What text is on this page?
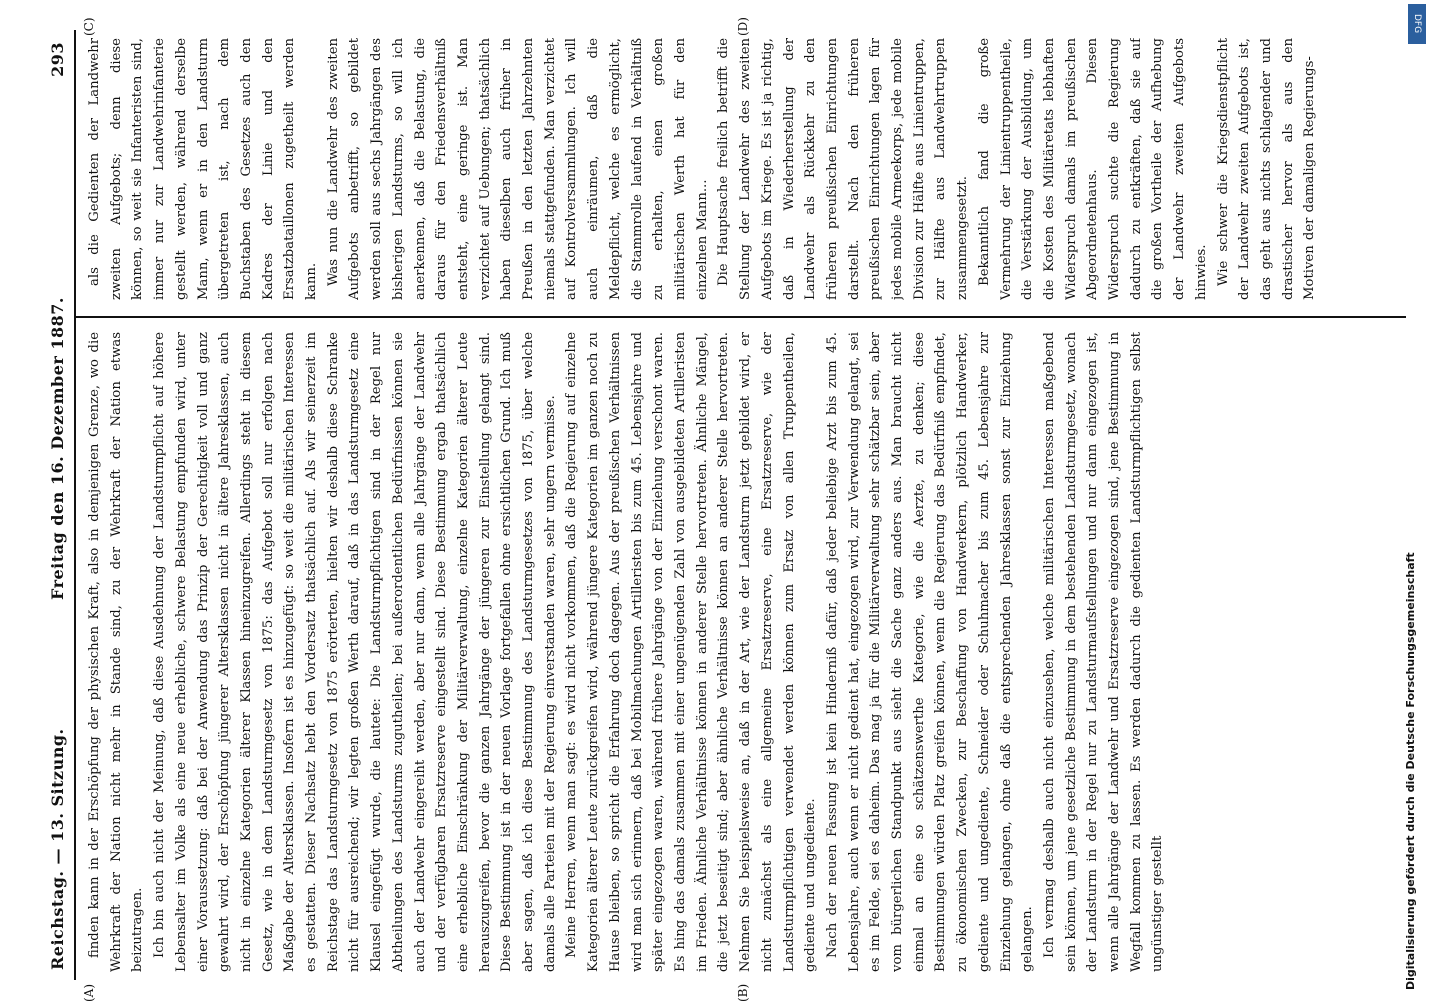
Reichstag. — 13. Sitzung.
Freitag den 16. Dezember 1887.
293
(A)	(B)
(C)	(D)

finden kann in der Erschöpfung der physischen Kraft, also in demjenigen Grenze, wo die Wehrkraft der Nation nicht mehr in Stande sind, zu der Wehrkraft der Nation etwas beizutragen. Ich bin auch nicht der Meinung, daß diese Ausdehnung der Landsturmpflicht auf höhere Lebensalter im Volke als eine neue erhebliche, schwere Belastung empfunden wird, unter einer Voraussetzung: daß bei der Anwendung das Prinzip der Gerechtigkeit voll und ganz gewahrt wird, der Erschöpfung jüngerer Altersklassen nicht in ältere Jahresklassen, auch nicht in einzelne Kategorien älterer Klassen hineinzugreifen. Allerdings steht in diesem Gesetz, wie in dem Landsturmgesetz von 1875: das Aufgebot soll nur erfolgen nach Maßgabe der Altersklassen. Insofern ist es hinzugefügt: so weit die militärischen Interessen es gestatten. Dieser Nachsatz hebt den Vordersatz thatsächlich auf. Als wir seinerzeit im Reichstage das Landsturmgesetz von 1875 erörterten, hielten wir deshalb diese Schranke nicht für ausreichend; wir legten großen Werth darauf, daß in das Landsturmgesetz eine Klausel eingefügt wurde, die lautete: Die Landsturmpflichtigen sind in der Regel nur Abtheilungen des Landsturms zugutheilen; bei außerordentlichen Bedürfnissen können sie auch der Landwehr eingereiht werden, aber nur dann, wenn alle Jahrgänge der Landwehr und der verfügbaren Ersatzreserve eingestellt sind. Diese Bestimmung ergab thatsächlich eine erhebliche Einschränkung der Militärverwaltung, einzelne Kategorien älterer Leute herauszugreifen, bevor die ganzen Jahrgänge der jüngeren zur Einstellung gelangt sind. Diese Bestimmung ist in der neuen Vorlage fortgefallen ohne ersichtlichen Grund. Ich muß aber sagen, daß ich diese Bestimmung des Landsturmgesetzes von 1875, über welche damals alle Parteien mit der Regierung einverstanden waren, sehr ungern vermisse. Meine Herren, wenn man sagt: es wird nicht vorkommen, daß die Regierung auf einzelne Kategorien älterer Leute zurückgreifen wird, während jüngere Kategorien im ganzen noch zu Hause bleiben, so spricht die Erfahrung doch dagegen. Aus der preußischen Verhältnissen wird man sich erinnern, daß bei Mobilmachungen Artilleristen bis zum 45. Lebensjahre und später eingezogen waren, während frühere Jahrgänge von der Einziehung verschont waren. Es hing das damals zusammen mit einer ungenügenden Zahl von ausgebildeten Artilleristen im Frieden. Ähnliche Verhältnisse können in anderer Stelle hervortreten. Ähnliche Mängel, die jetzt beseitigt sind; aber ähnliche Verhältnisse können an anderer Stelle hervortreten. Nehmen Sie beispielsweise an, daß in der Art, wie der Landsturm jetzt gebildet wird, er nicht zunächst als eine allgemeine Ersatzreserve, eine Ersatzreserve, wie der Landsturmpflichtigen verwendet werden können zum Ersatz von allen Truppentheilen, gediente und ungediente. Nach der neuen Fassung ist kein Hinderniß dafür, daß jeder beliebige Arzt bis zum 45. Lebensjahre, auch wenn er nicht gedient hat, eingezogen wird, zur Verwendung gelangt, sei es im Felde, sei es daheim. Das mag ja für die Militärverwaltung sehr schätzbar sein, aber vom bürgerlichen Standpunkt aus sieht die Sache ganz anders aus. Man braucht nicht einmal an eine so schätzenswerthe Kategorie, wie die Aerzte, zu denken; diese Bestimmungen würden Platz greifen können, wenn die Regierung das Bedürfniß empfindet, zu ökonomischen Zwecken, zur Beschaffung von Handwerkern, plötzlich Handwerker, gediente und ungediente, Schneider oder Schuhmacher bis zum 45. Lebensjahre zur Einziehung gelangen, ohne daß die entsprechenden Jahresklassen sonst zur Einziehung gelangen. Ich vermag deshalb auch nicht einzusehen, welche militärischen Interessen maßgebend sein können, um jene gesetzliche Bestimmung in dem bestehenden Landsturmgesetz, wonach der Landsturm in der Regel nur zu Landsturmaufstellungen und nur dann eingezogen ist, wenn alle Jahrgänge der Landwehr und Ersatzreserve eingezogen sind, jene Bestimmung in Wegfall kommen zu lassen. Es werden dadurch die gedienten Landsturmpflichtigen selbst ungünstiger gestellt

als die Gedienten der Landwehr zweiten Aufgebots; denn diese können, so weit sie Infanteristen sind, immer nur zur Landwehrinfanterie gestellt werden, während derselbe Mann, wenn er in den Landsturm übergetreten ist, nach dem Buchstaben des Gesetzes auch den Kadres der Linie und den Ersatzbataillonen zugetheilt werden kann. Was nun die Landwehr des zweiten Aufgebots anbetrifft, so gebildet werden soll aus sechs Jahrgängen des bisherigen Landsturms, so will ich anerkennen, daß die Belastung, die daraus für den Friedensverhältniß entsteht, eine geringe ist. Man verzichtet auf Uebungen; thatsächlich haben dieselben auch früher in Preußen in den letzten Jahrzehnten niemals stattgefunden. Man verzichtet auf Kontrolversammlungen. Ich will auch einräumen, daß die Meldepflicht, welche es ermöglicht, die Stammrolle laufend in Verhältniß zu erhalten, einen großen militärischen Werth hat für den einzelnen Mann... Die Hauptsache freilich betrifft die Stellung der Landwehr des zweiten Aufgebots im Kriege. Es ist ja richtig, daß in Wiederherstellung der Landwehr als Rückkehr zu den früheren preußischen Einrichtungen darstellt. Nach den früheren preußischen Einrichtungen lagen für jedes mobile Armeekorps, jede mobile Division zur Hälfte aus Linientruppen, zur Hälfte aus Landwehrtruppen zusammengesetzt. Bekanntlich fand die große Vermehrung der Linientruppentheile, die Verstärkung der Ausbildung, um die Kosten des Militäretats lebhaften Widerspruch damals im preußischen Abgeordnetenhaus. Diesen Widerspruch suchte die Regierung dadurch zu entkräften, daß sie auf die großen Vortheile der Aufhebung der Landwehr zweiten Aufgebots hinwies. Wie schwer die Kriegsdienstpflicht der Landwehr zweiten Aufgebots ist, das geht aus nichts schlagender und drastischer hervor als aus den Motiven der damaligen Regierungs-

Digitalisierung gefördert durch die Deutsche Forschungsgemeinschaft
DFG
